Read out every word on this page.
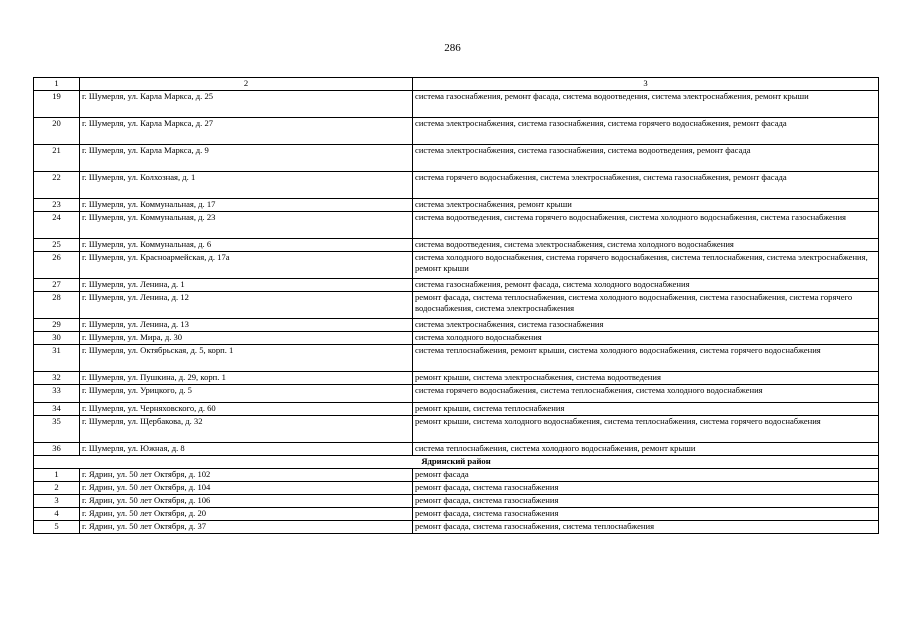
286
1	2	3
19	г. Шумерля, ул. Карла Маркса, д. 25	система газоснабжения, ремонт фасада, система водоотведения, система электроснабжения, ремонт крыши
20	г. Шумерля, ул. Карла Маркса, д. 27	система электроснабжения, система газоснабжения, система горячего водоснабжения, ремонт фасада
21	г. Шумерля, ул. Карла Маркса, д. 9	система электроснабжения, система газоснабжения, система водоотведения, ремонт фасада
22	г. Шумерля, ул. Колхозная, д. 1	система горячего водоснабжения, система электроснабжения, система газоснабжения, ремонт фасада
23	г. Шумерля, ул. Коммунальная, д. 17	система электроснабжения, ремонт крыши
24	г. Шумерля, ул. Коммунальная, д. 23	система водоотведения, система горячего водоснабжения, система холодного водоснабжения, система газоснабжения
25	г. Шумерля, ул. Коммунальная, д. 6	система водоотведения, система электроснабжения, система холодного водоснабжения
26	г. Шумерля, ул. Красноармейская, д. 17а	система холодного водоснабжения, система горячего водоснабжения, система теплоснабжения, система электроснабжения, ремонт крыши
27	г. Шумерля, ул. Ленина, д. 1	система газоснабжения, ремонт фасада, система холодного водоснабжения
28	г. Шумерля, ул. Ленина, д. 12	ремонт фасада, система теплоснабжения, система холодного водоснабжения, система газоснабжения, система горячего водоснабжения, система электроснабжения
29	г. Шумерля, ул. Ленина, д. 13	система электроснабжения, система газоснабжения
30	г. Шумерля, ул. Мира, д. 30	система холодного водоснабжения
31	г. Шумерля, ул. Октябрьская, д. 5, корп. 1	система теплоснабжения, ремонт крыши, система холодного водоснабжения, система горячего водоснабжения
32	г. Шумерля, ул. Пушкина, д. 29, корп. 1	ремонт крыши, система электроснабжения, система водоотведения
33	г. Шумерля, ул. Урицкого, д. 5	система горячего водоснабжения, система теплоснабжения, система холодного водоснабжения
34	г. Шумерля, ул. Черняховского, д. 60	ремонт крыши, система теплоснабжения
35	г. Шумерля, ул. Щербакова, д. 32	ремонт крыши, система холодного водоснабжения, система теплоснабжения, система горячего водоснабжения
36	г. Шумерля, ул. Южная, д. 8	система теплоснабжения, система холодного водоснабжения, ремонт крыши
Ядринский район		
1	г. Ядрин, ул. 50 лет Октября, д. 102	ремонт фасада
2	г. Ядрин, ул. 50 лет Октября, д. 104	ремонт фасада, система газоснабжения
3	г. Ядрин, ул. 50 лет Октября, д. 106	ремонт фасада, система газоснабжения
4	г. Ядрин, ул. 50 лет Октября, д. 20	ремонт фасада, система газоснабжения
5	г. Ядрин, ул. 50 лет Октября, д. 37	ремонт фасада, система газоснабжения, система теплоснабжения
